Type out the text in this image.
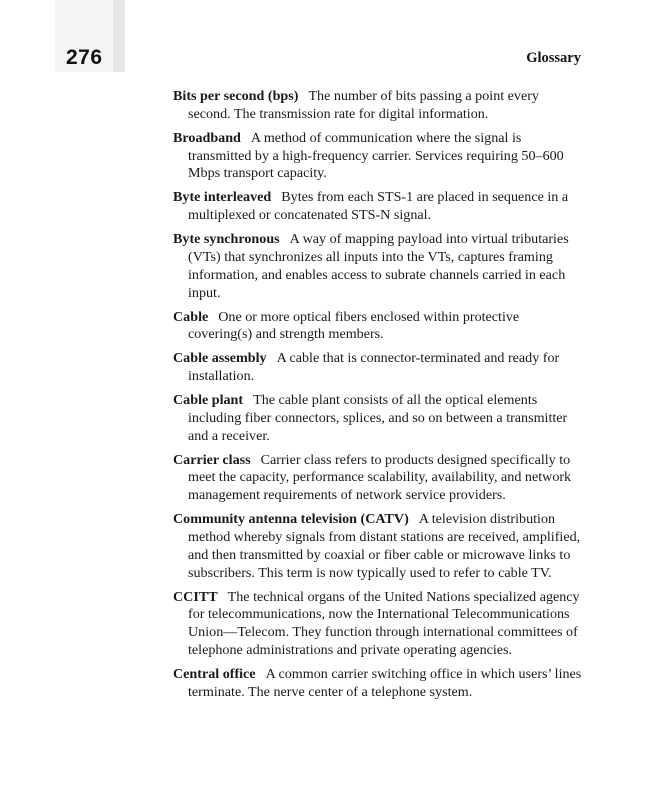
276	Glossary
Bits per second (bps) The number of bits passing a point every second. The transmission rate for digital information.
Broadband A method of communication where the signal is transmitted by a high-frequency carrier. Services requiring 50–600 Mbps transport capacity.
Byte interleaved Bytes from each STS-1 are placed in sequence in a multiplexed or concatenated STS-N signal.
Byte synchronous A way of mapping payload into virtual tributaries (VTs) that synchronizes all inputs into the VTs, captures framing information, and enables access to subrate channels carried in each input.
Cable One or more optical fibers enclosed within protective covering(s) and strength members.
Cable assembly A cable that is connector-terminated and ready for installation.
Cable plant The cable plant consists of all the optical elements including fiber connectors, splices, and so on between a transmitter and a receiver.
Carrier class Carrier class refers to products designed specifically to meet the capacity, performance scalability, availability, and network management requirements of network service providers.
Community antenna television (CATV) A television distribution method whereby signals from distant stations are received, amplified, and then transmitted by coaxial or fiber cable or microwave links to subscribers. This term is now typically used to refer to cable TV.
CCITT The technical organs of the United Nations specialized agency for telecommunications, now the International Telecommunications Union—Telecom. They function through international committees of telephone administrations and private operating agencies.
Central office A common carrier switching office in which users’ lines terminate. The nerve center of a telephone system.
